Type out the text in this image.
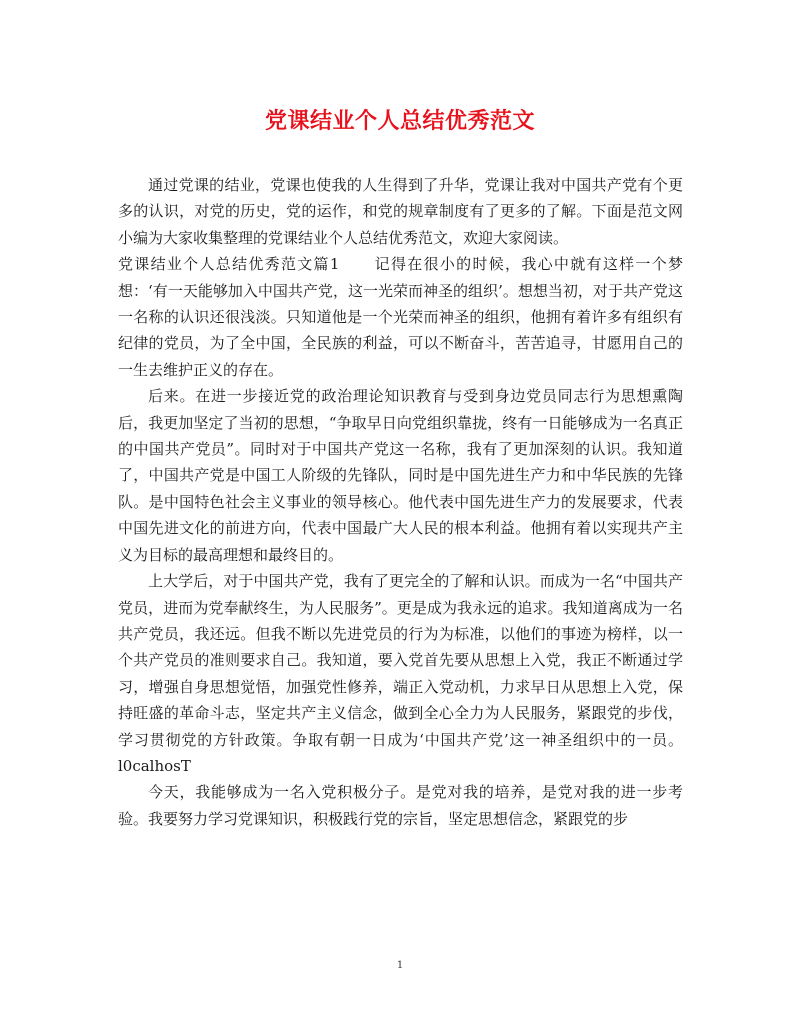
党课结业个人总结优秀范文

通过党课的结业，党课也使我的人生得到了升华，党课让我对中国共产党有个更多的认识，对党的历史，党的运作，和党的规章制度有了更多的了解。下面是范文网小编为大家收集整理的党课结业个人总结优秀范文，欢迎大家阅读。

党课结业个人总结优秀范文篇1 记得在很小的时候，我心中就有这样一个梦想：‘有一天能够加入中国共产党，这一光荣而神圣的组织’。想想当初，对于共产党这一名称的认识还很浅淡。只知道他是一个光荣而神圣的组织，他拥有着许多有组织有纪律的党员，为了全中国，全民族的利益，可以不断奋斗，苦苦追寻，甘愿用自己的一生去维护正义的存在。

后来。在进一步接近党的政治理论知识教育与受到身边党员同志行为思想熏陶后，我更加坚定了当初的思想，“争取早日向党组织靠拢，终有一日能够成为一名真正的中国共产党员”。同时对于中国共产党这一名称，我有了更加深刻的认识。我知道了，中国共产党是中国工人阶级的先锋队，同时是中国先进生产力和中华民族的先锋队。是中国特色社会主义事业的领导核心。他代表中国先进生产力的发展要求，代表中国先进文化的前进方向，代表中国最广大人民的根本利益。他拥有着以实现共产主义为目标的最高理想和最终目的。

上大学后，对于中国共产党，我有了更完全的了解和认识。而成为一名“中国共产党员，进而为党奉献终生，为人民服务”。更是成为我永远的追求。我知道离成为一名共产党员，我还远。但我不断以先进党员的行为为标准，以他们的事迹为榜样，以一个共产党员的准则要求自己。我知道，要入党首先要从思想上入党，我正不断通过学习，增强自身思想觉悟，加强党性修养，端正入党动机，力求早日从思想上入党，保持旺盛的革命斗志，坚定共产主义信念，做到全心全力为人民服务，紧跟党的步伐，学习贯彻党的方针政策。争取有朝一日成为‘中国共产党’这一神圣组织中的一员。l0calhosT

今天，我能够成为一名入党积极分子。是党对我的培养，是党对我的进一步考验。我要努力学习党课知识，积极践行党的宗旨，坚定思想信念，紧跟党的步

1
